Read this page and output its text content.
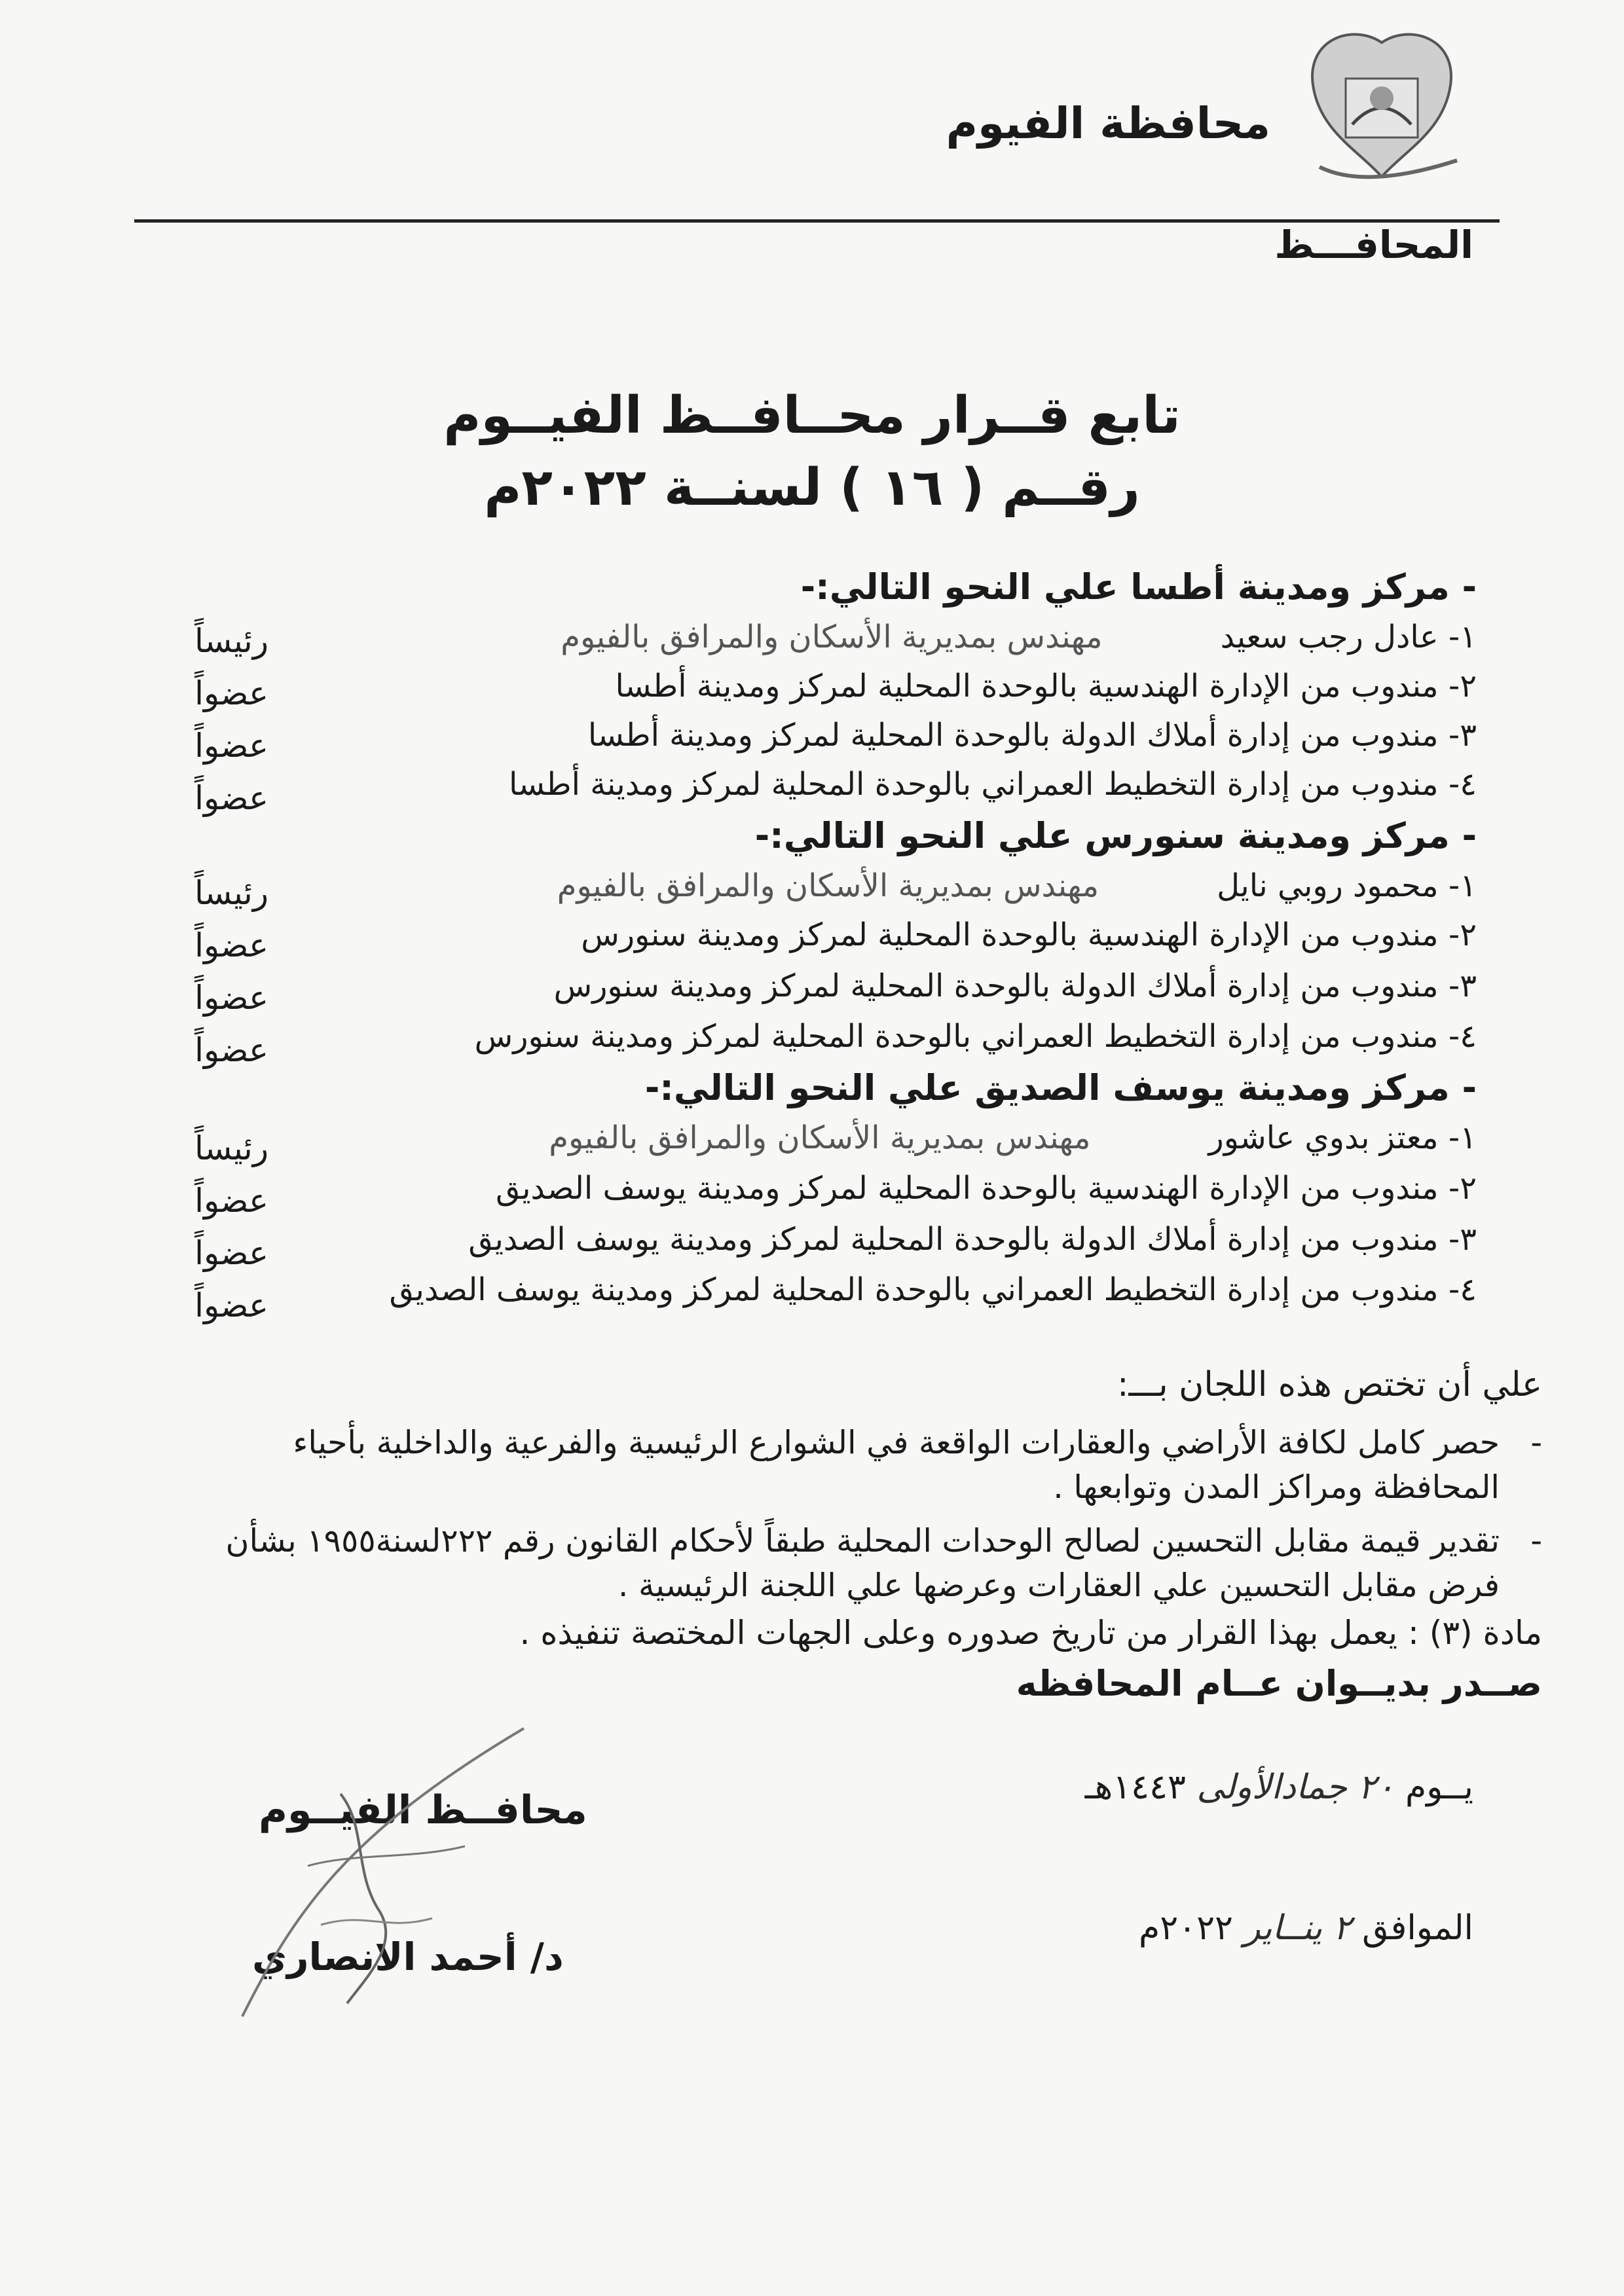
محافظة الفيوم
المحافـــظ
تابع قــرار محــافــظ الفيــوم
رقــم ( ١٦ ) لسنــة ٢٠٢٢م
- مركز ومدينة أطسا علي النحو التالي:-
١- عادل رجب سعيدمهندس بمديرية الأسكان والمرافق بالفيوم
رئيساً
٢- مندوب من الإدارة الهندسية بالوحدة المحلية لمركز ومدينة أطسا
عضواً
٣- مندوب من إدارة أملاك الدولة بالوحدة المحلية لمركز ومدينة أطسا
عضواً
٤- مندوب من إدارة التخطيط العمراني بالوحدة المحلية لمركز ومدينة أطسا
عضواً
- مركز ومدينة سنورس علي النحو التالي:-
١- محمود روبي نايلمهندس بمديرية الأسكان والمرافق بالفيوم
رئيساً
٢- مندوب من الإدارة الهندسية بالوحدة المحلية لمركز ومدينة سنورس
عضواً
٣- مندوب من إدارة أملاك الدولة بالوحدة المحلية لمركز ومدينة سنورس
عضواً
٤- مندوب من إدارة التخطيط العمراني بالوحدة المحلية لمركز ومدينة سنورس
عضواً
- مركز ومدينة يوسف الصديق علي النحو التالي:-
١- معتز بدوي عاشورمهندس بمديرية الأسكان والمرافق بالفيوم
رئيساً
٢- مندوب من الإدارة الهندسية بالوحدة المحلية لمركز ومدينة يوسف الصديق
عضواً
٣- مندوب من إدارة أملاك الدولة بالوحدة المحلية لمركز ومدينة يوسف الصديق
عضواً
٤- مندوب من إدارة التخطيط العمراني بالوحدة المحلية لمركز ومدينة يوسف الصديق
عضواً
علي أن تختص هذه اللجان بـــ:
-
حصر كامل لكافة الأراضي والعقارات الواقعة في الشوارع الرئيسية والفرعية والداخلية بأحياء المحافظة ومراكز المدن وتوابعها .
-
تقدير قيمة مقابل التحسين لصالح الوحدات المحلية طبقاً لأحكام القانون رقم ٢٢٢لسنة١٩٥٥ بشأن فرض مقابل التحسين علي العقارات وعرضها علي اللجنة الرئيسية .
مادة (٣) : يعمل بهذا القرار من تاريخ صدوره وعلى الجهات المختصة تنفيذه .
صــدر بديــوان عــام المحافظه
يــوم ٢٠ جمادالأولى ١٤٤٣هـ
الموافق ٢ ينــاير ٢٠٢٢م
محافــظ الفيــوم
د/ أحمد الانصاري
